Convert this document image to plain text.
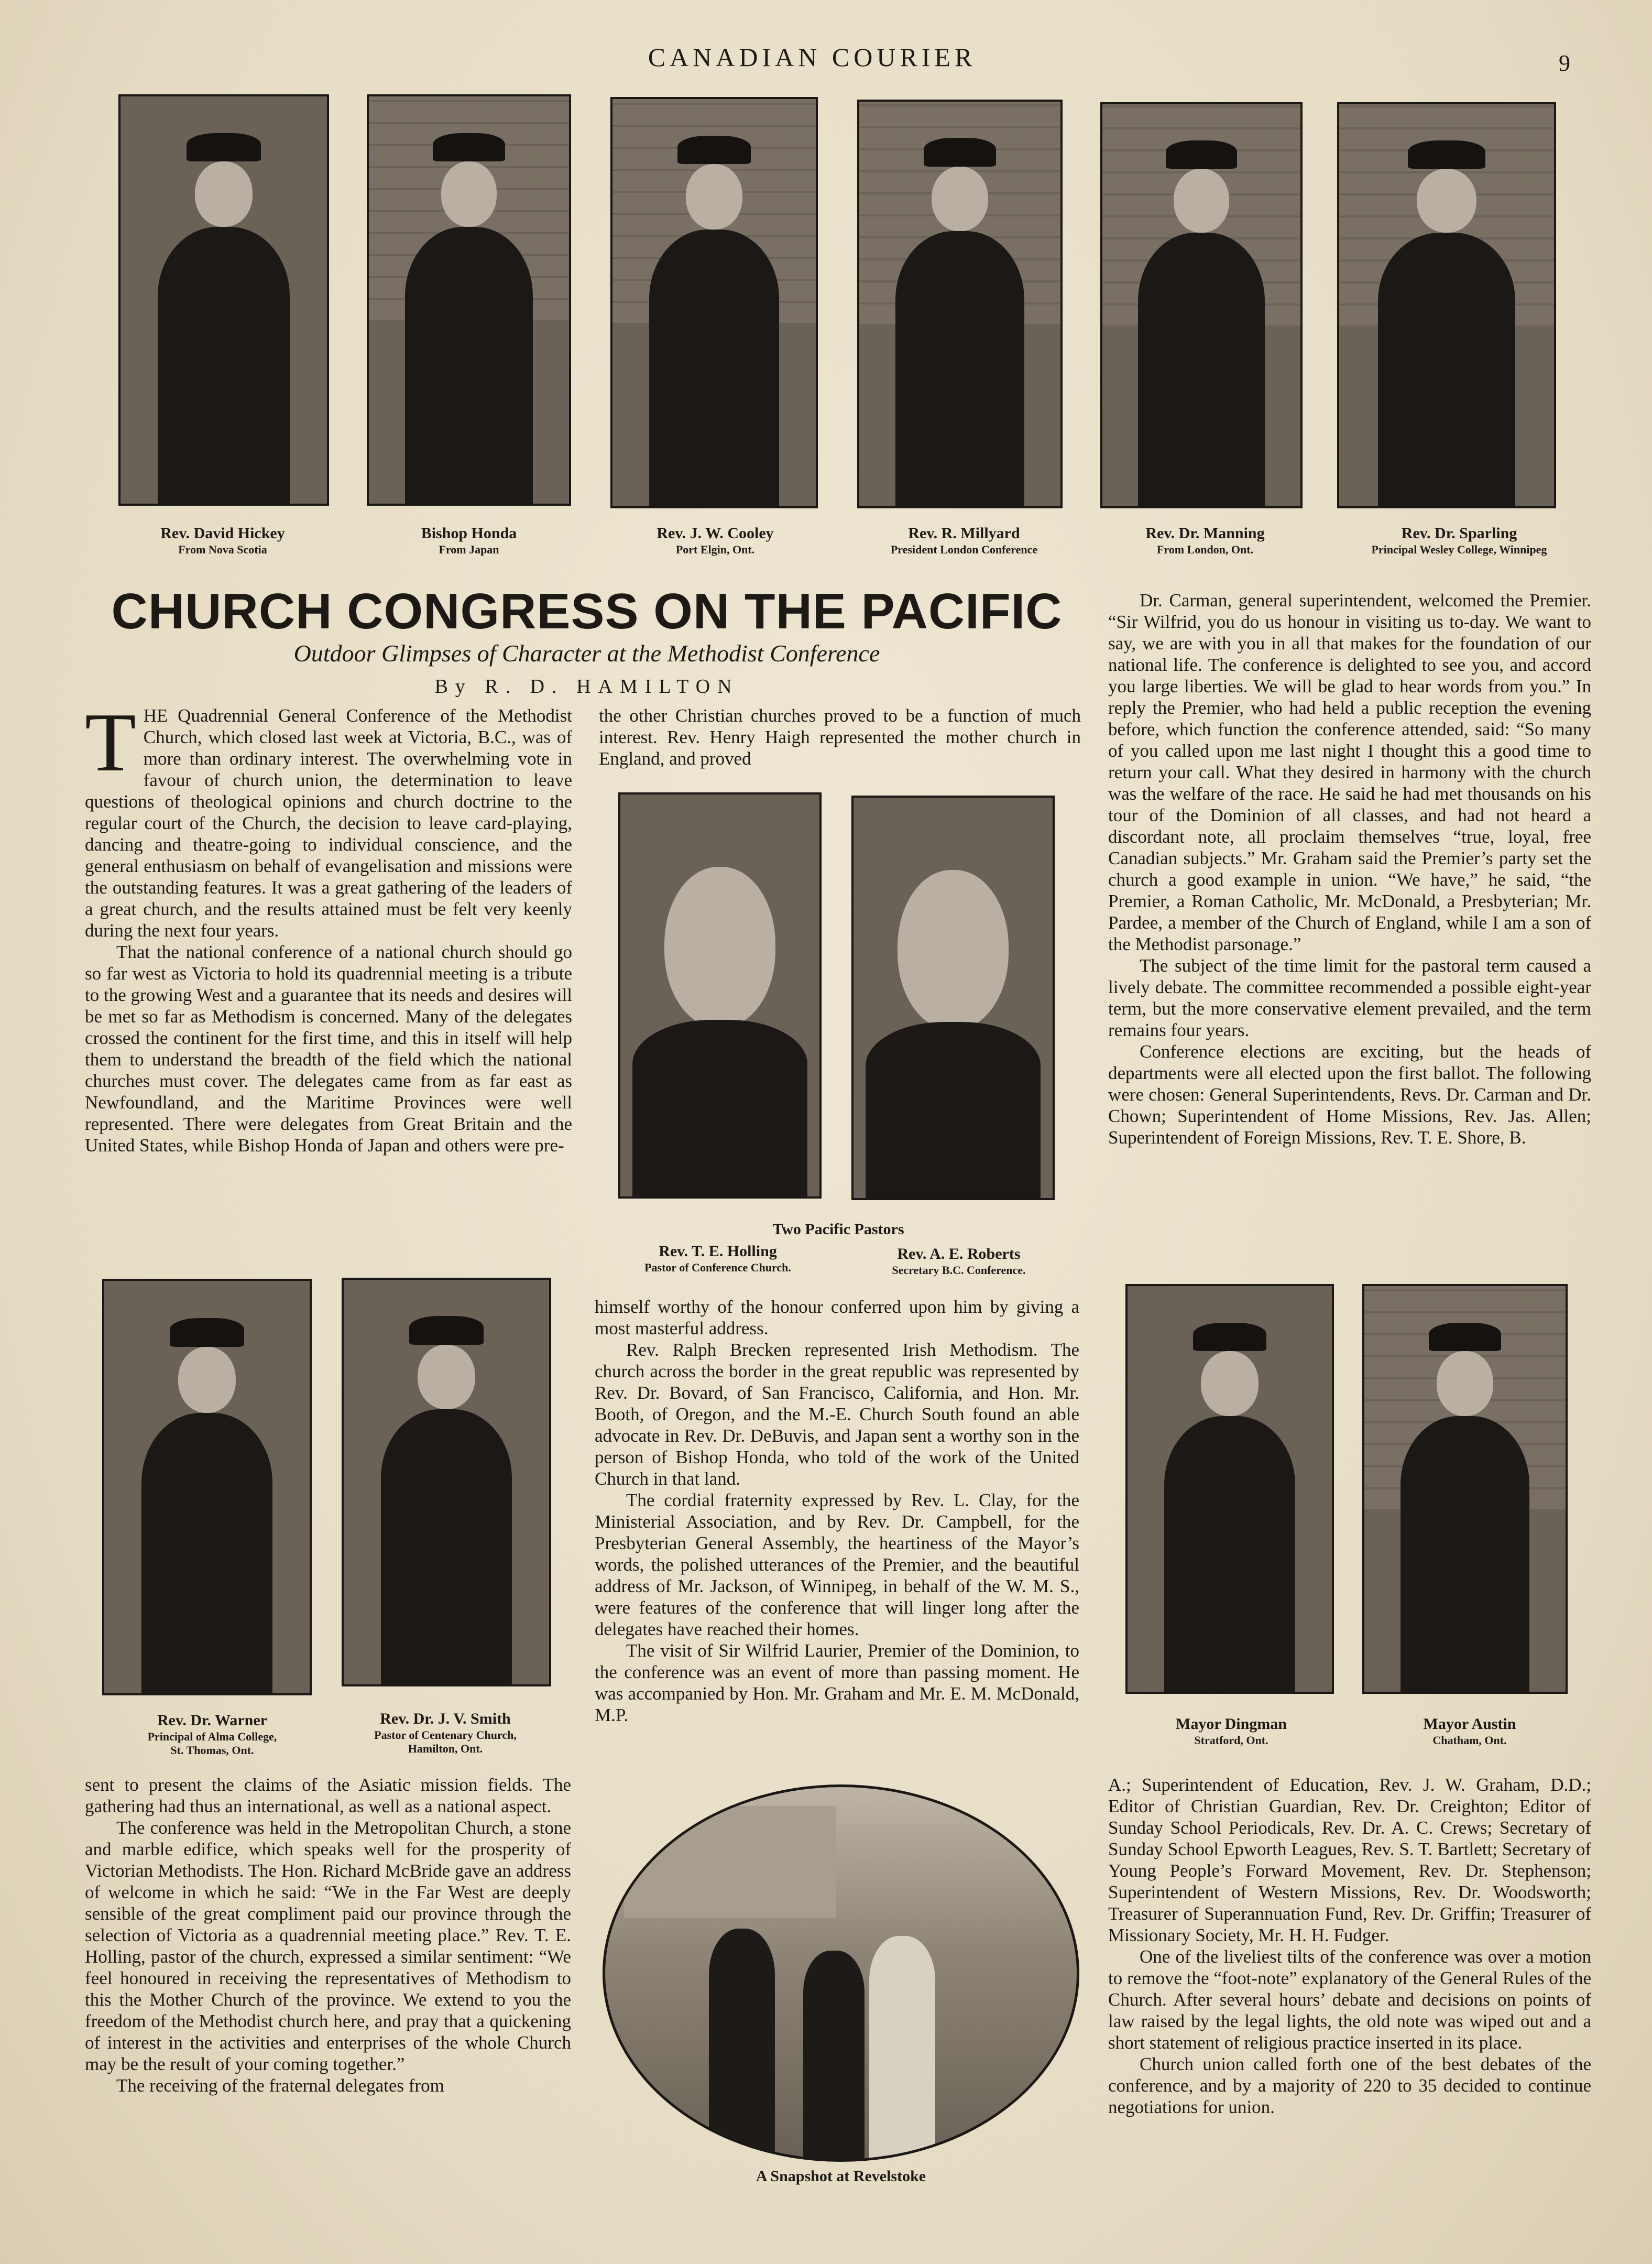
CANADIAN COURIER	9
Rev. David Hickey
From Nova Scotia
Bishop Honda
From Japan
Rev. J. W. Cooley
Port Elgin, Ont.
Rev. R. Millyard
President London Conference
Rev. Dr. Manning
From London, Ont.
Rev. Dr. Sparling
Principal Wesley College, Winnipeg
CHURCH CONGRESS ON THE PACIFIC
Outdoor Glimpses of Character at the Methodist Conference
By R. D. HAMILTON

THE Quadrennial General Conference of the Methodist Church, which closed last week at Victoria, B.C., was of more than ordinary interest. The overwhelming vote in favour of church union, the determination to leave questions of theological opinions and church doctrine to the regular court of the Church, the decision to leave card-playing, dancing and theatre-going to individual conscience, and the general enthusiasm on behalf of evangelisation and missions were the outstanding features. It was a great gathering of the leaders of a great church, and the results attained must be felt very keenly during the next four years.

That the national conference of a national church should go so far west as Victoria to hold its quadrennial meeting is a tribute to the growing West and a guarantee that its needs and desires will be met so far as Methodism is concerned. Many of the delegates crossed the continent for the first time, and this in itself will help them to understand the breadth of the field which the national churches must cover. The delegates came from as far east as Newfoundland, and the Maritime Provinces were well represented. There were delegates from Great Britain and the United States, while Bishop Honda of Japan and others were pre-

the other Christian churches proved to be a function of much interest. Rev. Henry Haigh represented the mother church in England, and proved

Two Pacific Pastors
Rev. T. E. Holling
Pastor of Conference Church.
Rev. A. E. Roberts
Secretary B.C. Conference.

Dr. Carman, general superintendent, welcomed the Premier. “Sir Wilfrid, you do us honour in visiting us to-day. We want to say, we are with you in all that makes for the foundation of our national life. The conference is delighted to see you, and accord you large liberties. We will be glad to hear words from you.” In reply the Premier, who had held a public reception the evening before, which function the conference attended, said: “So many of you called upon me last night I thought this a good time to return your call. What they desired in harmony with the church was the welfare of the race. He said he had met thousands on his tour of the Dominion of all classes, and had not heard a discordant note, all proclaim themselves “true, loyal, free Canadian subjects.” Mr. Graham said the Premier’s party set the church a good example in union. “We have,” he said, “the Premier, a Roman Catholic, Mr. McDonald, a Presbyterian; Mr. Pardee, a member of the Church of England, while I am a son of the Methodist parsonage.”

The subject of the time limit for the pastoral term caused a lively debate. The committee recommended a possible eight-year term, but the more conservative element prevailed, and the term remains four years.

Conference elections are exciting, but the heads of departments were all elected upon the first ballot. The following were chosen: General Superintendents, Revs. Dr. Carman and Dr. Chown; Superintendent of Home Missions, Rev. Jas. Allen; Superintendent of Foreign Missions, Rev. T. E. Shore, B.

Rev. Dr. Warner
Principal of Alma College,
St. Thomas, Ont.
Rev. Dr. J. V. Smith
Pastor of Centenary Church,
Hamilton, Ont.

sent to present the claims of the Asiatic mission fields. The gathering had thus an international, as well as a national aspect.

The conference was held in the Metropolitan Church, a stone and marble edifice, which speaks well for the prosperity of Victorian Methodists. The Hon. Richard McBride gave an address of welcome in which he said: “We in the Far West are deeply sensible of the great compliment paid our province through the selection of Victoria as a quadrennial meeting place.” Rev. T. E. Holling, pastor of the church, expressed a similar sentiment: “We feel honoured in receiving the representatives of Methodism to this the Mother Church of the province. We extend to you the freedom of the Methodist church here, and pray that a quickening of interest in the activities and enterprises of the whole Church may be the result of your coming together.”

The receiving of the fraternal delegates from

himself worthy of the honour conferred upon him by giving a most masterful address.

Rev. Ralph Brecken represented Irish Methodism. The church across the border in the great republic was represented by Rev. Dr. Bovard, of San Francisco, California, and Hon. Mr. Booth, of Oregon, and the M.-E. Church South found an able advocate in Rev. Dr. DeBuvis, and Japan sent a worthy son in the person of Bishop Honda, who told of the work of the United Church in that land.

The cordial fraternity expressed by Rev. L. Clay, for the Ministerial Association, and by Rev. Dr. Campbell, for the Presbyterian General Assembly, the heartiness of the Mayor’s words, the polished utterances of the Premier, and the beautiful address of Mr. Jackson, of Winnipeg, in behalf of the W. M. S., were features of the conference that will linger long after the delegates have reached their homes.

The visit of Sir Wilfrid Laurier, Premier of the Dominion, to the conference was an event of more than passing moment. He was accompanied by Hon. Mr. Graham and Mr. E. M. McDonald, M.P.

A Snapshot at Revelstoke
Mayor Dingman
Stratford, Ont.
Mayor Austin
Chatham, Ont.

A.; Superintendent of Education, Rev. J. W. Graham, D.D.; Editor of Christian Guardian, Rev. Dr. Creighton; Editor of Sunday School Periodicals, Rev. Dr. A. C. Crews; Secretary of Sunday School Epworth Leagues, Rev. S. T. Bartlett; Secretary of Young People’s Forward Movement, Rev. Dr. Stephenson; Superintendent of Western Missions, Rev. Dr. Woodsworth; Treasurer of Superannuation Fund, Rev. Dr. Griffin; Treasurer of Missionary Society, Mr. H. H. Fudger.

One of the liveliest tilts of the conference was over a motion to remove the “foot-note” explanatory of the General Rules of the Church. After several hours’ debate and decisions on points of law raised by the legal lights, the old note was wiped out and a short statement of religious practice inserted in its place.

Church union called forth one of the best debates of the conference, and by a majority of 220 to 35 decided to continue negotiations for union.
